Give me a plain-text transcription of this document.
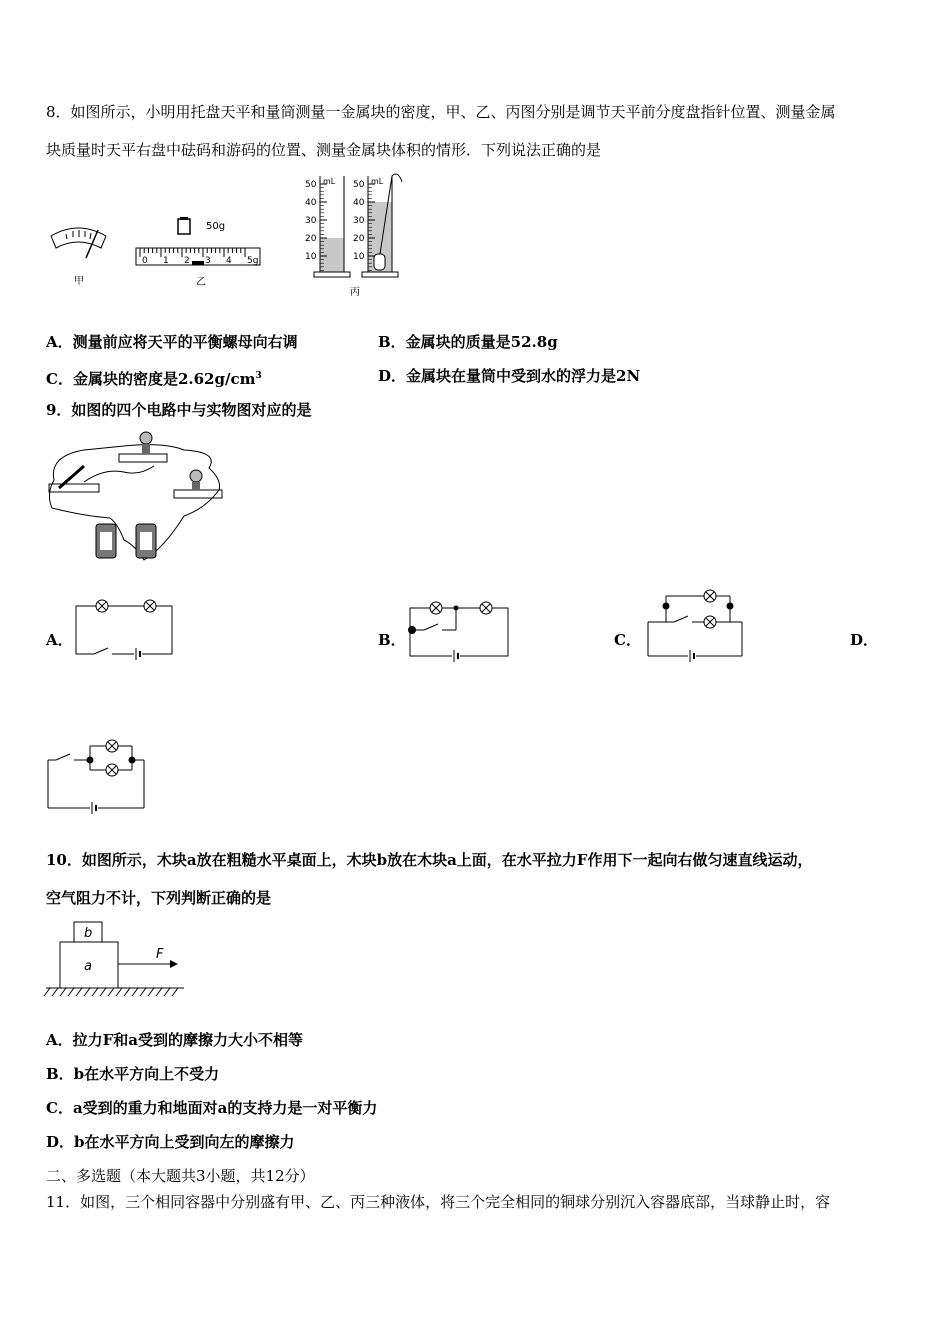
8．如图所示，小明用托盘天平和量筒测量一金属块的密度，甲、乙、丙图分别是调节天平前分度盘指针位置、测量金属
块质量时天平右盘中砝码和游码的位置、测量金属块体积的情形．下列说法正确的是
甲
50g
0 1 2 3 4 5g
乙
mL
50
40
30
20
10
mL
50
40
30
20
10
丙
A．测量前应将天平的平衡螺母向右调	B．金属块的质量是52.8g
C．金属块的密度是$2.62g/cm^3$	D．金属块在量筒中受到水的浮力是2N
9．如图的四个电路中与实物图对应的是
A．	B．	C．	D．
10．如图所示，木块a放在粗糙水平桌面上，木块b放在木块a上面，在水平拉力F作用下一起向右做匀速直线运动，
空气阻力不计，下列判断正确的是
b
a
F
A．拉力F和a受到的摩擦力大小不相等
B．b在水平方向上不受力
C．a受到的重力和地面对a的支持力是一对平衡力
D．b在水平方向上受到向左的摩擦力
二、多选题（本大题共3小题，共12分）
11．如图，三个相同容器中分别盛有甲、乙、丙三种液体，将三个完全相同的铜球分别沉入容器底部，当球静止时，容
